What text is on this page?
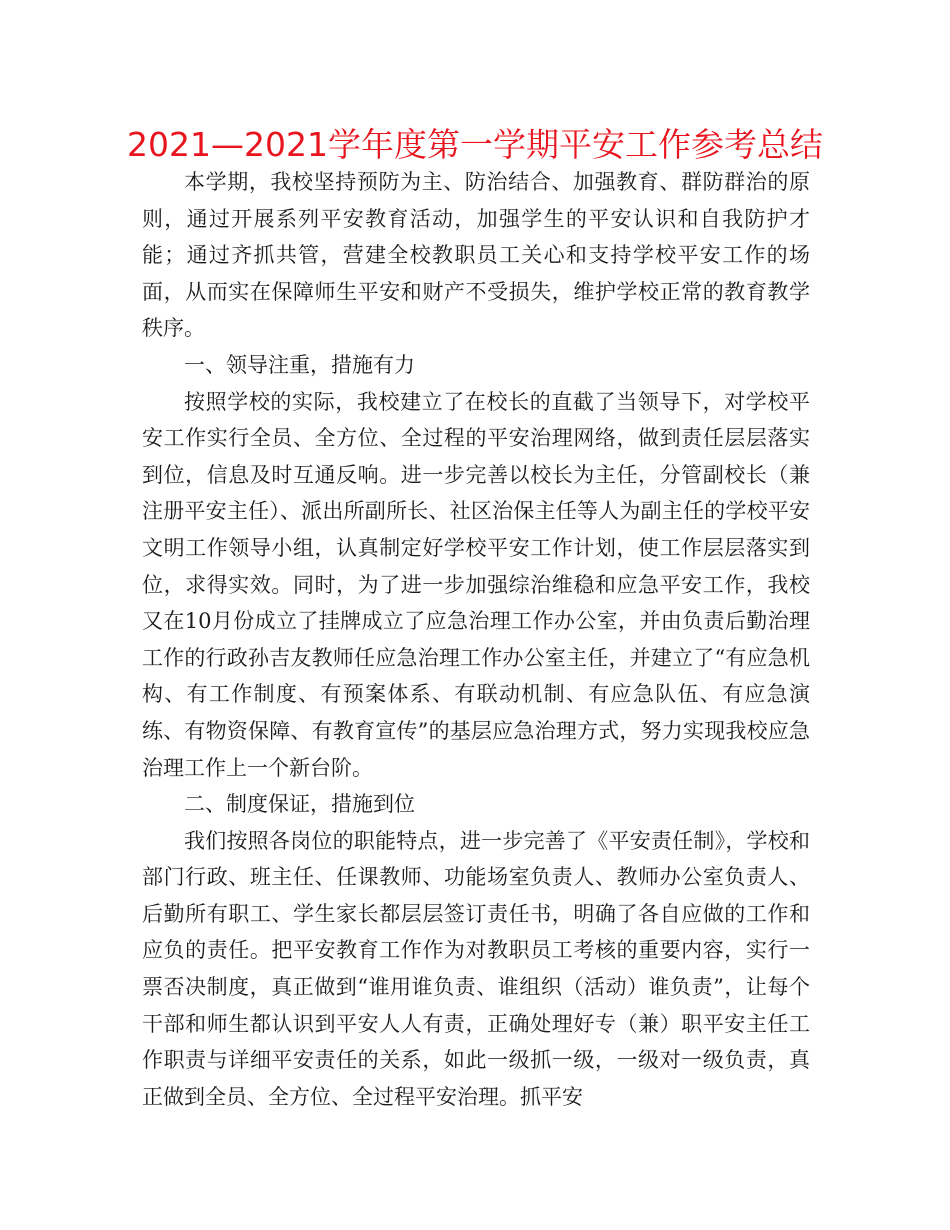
2021—2021学年度第一学期平安工作参考总结

本学期，我校坚持预防为主、防治结合、加强教育、群防群治的原则，通过开展系列平安教育活动，加强学生的平安认识和自我防护才能；通过齐抓共管，营建全校教职员工关心和支持学校平安工作的场面，从而实在保障师生平安和财产不受损失，维护学校正常的教育教学秩序。

一、领导注重，措施有力

按照学校的实际，我校建立了在校长的直截了当领导下，对学校平安工作实行全员、全方位、全过程的平安治理网络，做到责任层层落实到位，信息及时互通反响。进一步完善以校长为主任，分管副校长（兼注册平安主任）、派出所副所长、社区治保主任等人为副主任的学校平安文明工作领导小组，认真制定好学校平安工作计划，使工作层层落实到位，求得实效。同时，为了进一步加强综治维稳和应急平安工作，我校又在10月份成立了挂牌成立了应急治理工作办公室，并由负责后勤治理工作的行政孙吉友教师任应急治理工作办公室主任，并建立了“有应急机构、有工作制度、有预案体系、有联动机制、有应急队伍、有应急演练、有物资保障、有教育宣传”的基层应急治理方式，努力实现我校应急治理工作上一个新台阶。

二、制度保证，措施到位

我们按照各岗位的职能特点，进一步完善了《平安责任制》，学校和部门行政、班主任、任课教师、功能场室负责人、教师办公室负责人、后勤所有职工、学生家长都层层签订责任书，明确了各自应做的工作和应负的责任。把平安教育工作作为对教职员工考核的重要内容，实行一票否决制度，真正做到“谁用谁负责、谁组织（活动）谁负责”，让每个干部和师生都认识到平安人人有责，正确处理好专（兼）职平安主任工作职责与详细平安责任的关系，如此一级抓一级，一级对一级负责，真正做到全员、全方位、全过程平安治理。抓平安
